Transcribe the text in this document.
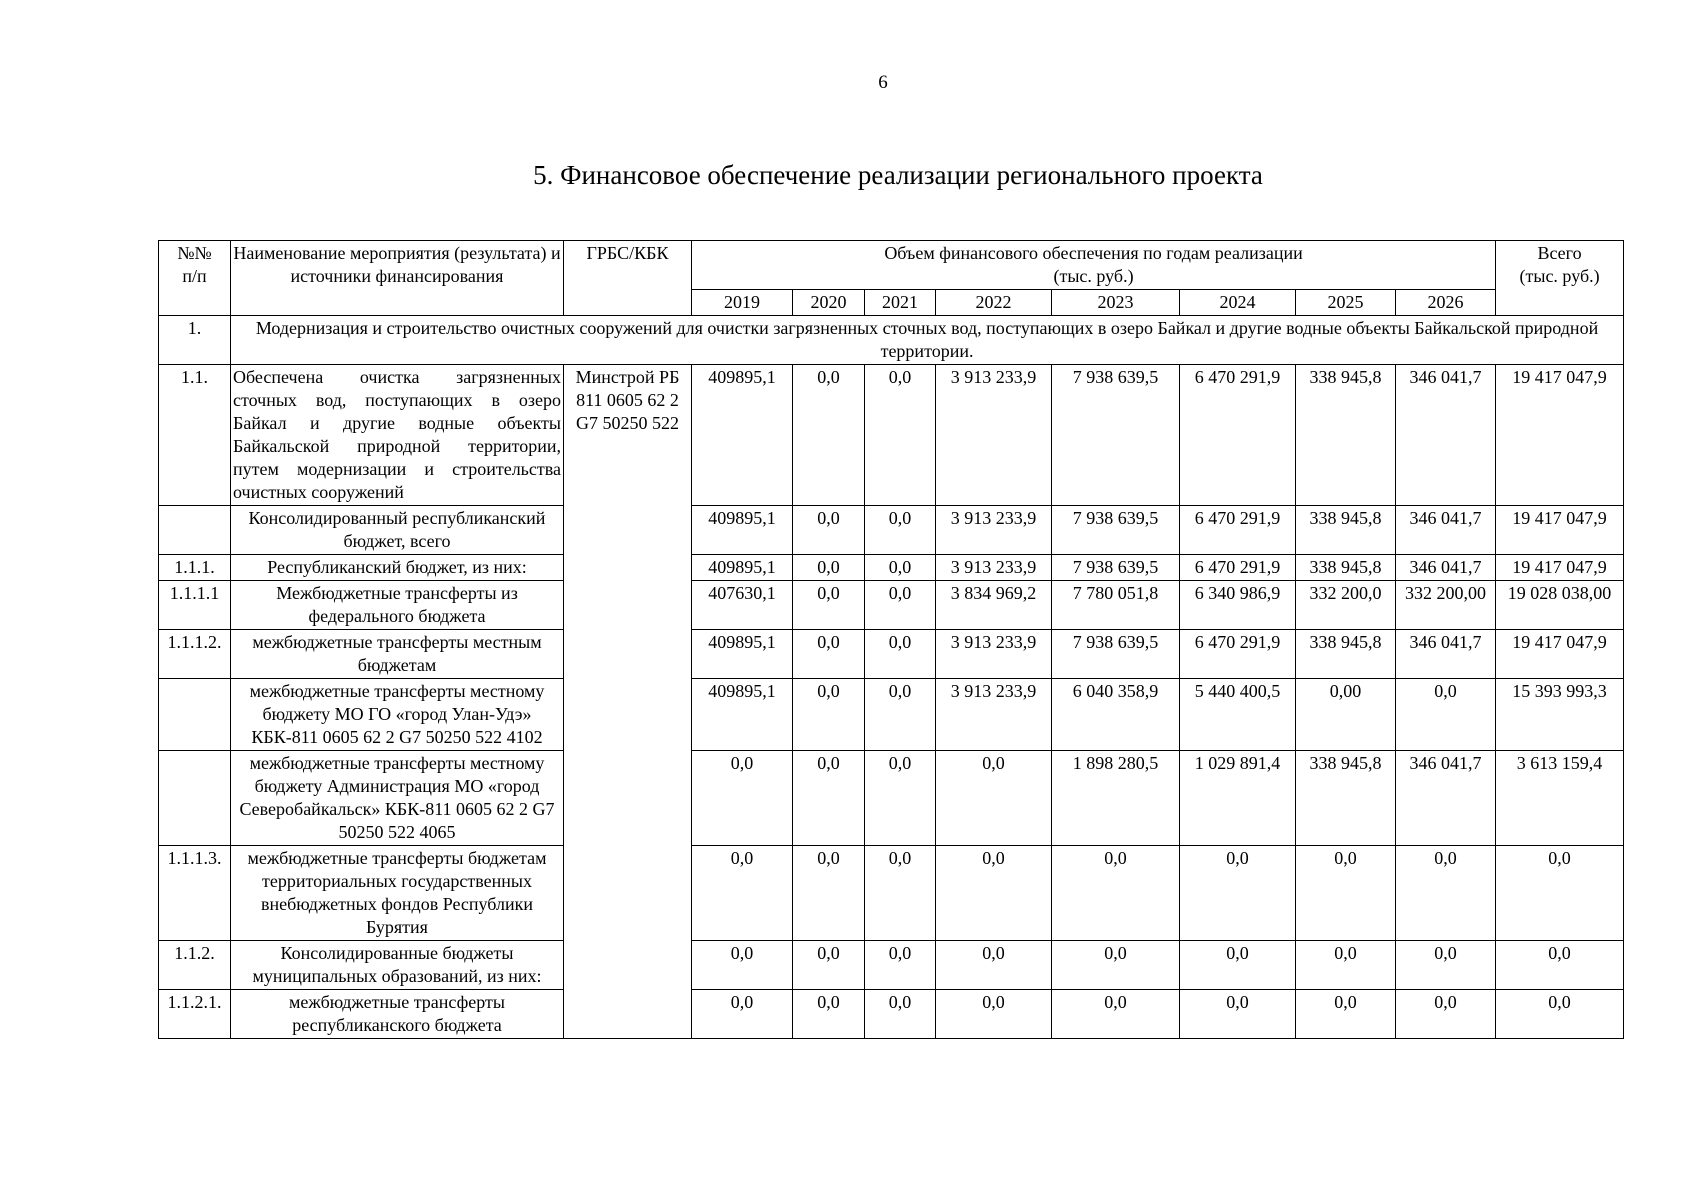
6
5. Финансовое обеспечение реализации регионального проекта
№№
п/п	Наименование мероприятия (результата) и источники финансирования	ГРБС/КБК	Объем финансового обеспечения по годам реализации
(тыс. руб.)								Всего
(тыс. руб.)
			2019	2020	2021	2022	2023	2024	2025	2026	
1.	Модернизация и строительство очистных сооружений для очистки загрязненных сточных вод, поступающих в озеро Байкал и другие водные объекты Байкальской природной территории.										
1.1.	Обеспечена очистка загрязненных сточных вод, поступающих в озеро Байкал и другие водные объекты Байкальской природной территории, путем модернизации и строительства очистных сооружений	Минстрой РБ 811 0605 62 2 G7 50250 522	409895,1	0,0	0,0	3 913 233,9	7 938 639,5	6 470 291,9	338 945,8	346 041,7	19 417 047,9
	Консолидированный республиканский бюджет, всего		409895,1	0,0	0,0	3 913 233,9	7 938 639,5	6 470 291,9	338 945,8	346 041,7	19 417 047,9
1.1.1.	Республиканский бюджет, из них:		409895,1	0,0	0,0	3 913 233,9	7 938 639,5	6 470 291,9	338 945,8	346 041,7	19 417 047,9
1.1.1.1	Межбюджетные трансферты из федерального бюджета		407630,1	0,0	0,0	3 834 969,2	7 780 051,8	6 340 986,9	332 200,0	332 200,00	19 028 038,00
1.1.1.2.	межбюджетные трансферты местным бюджетам		409895,1	0,0	0,0	3 913 233,9	7 938 639,5	6 470 291,9	338 945,8	346 041,7	19 417 047,9
	межбюджетные трансферты местному бюджету МО ГО «город Улан-Удэ» КБК-811 0605 62 2 G7 50250 522 4102		409895,1	0,0	0,0	3 913 233,9	6 040 358,9	5 440 400,5	0,00	0,0	15 393 993,3
	межбюджетные трансферты местному бюджету Администрация МО «город Северобайкальск» КБК-811 0605 62 2 G7 50250 522 4065		0,0	0,0	0,0	0,0	1 898 280,5	1 029 891,4	338 945,8	346 041,7	3 613 159,4
1.1.1.3.	межбюджетные трансферты бюджетам территориальных государственных внебюджетных фондов Республики Бурятия		0,0	0,0	0,0	0,0	0,0	0,0	0,0	0,0	0,0
1.1.2.	Консолидированные бюджеты муниципальных образований, из них:		0,0	0,0	0,0	0,0	0,0	0,0	0,0	0,0	0,0
1.1.2.1.	межбюджетные трансферты республиканского бюджета		0,0	0,0	0,0	0,0	0,0	0,0	0,0	0,0	0,0
